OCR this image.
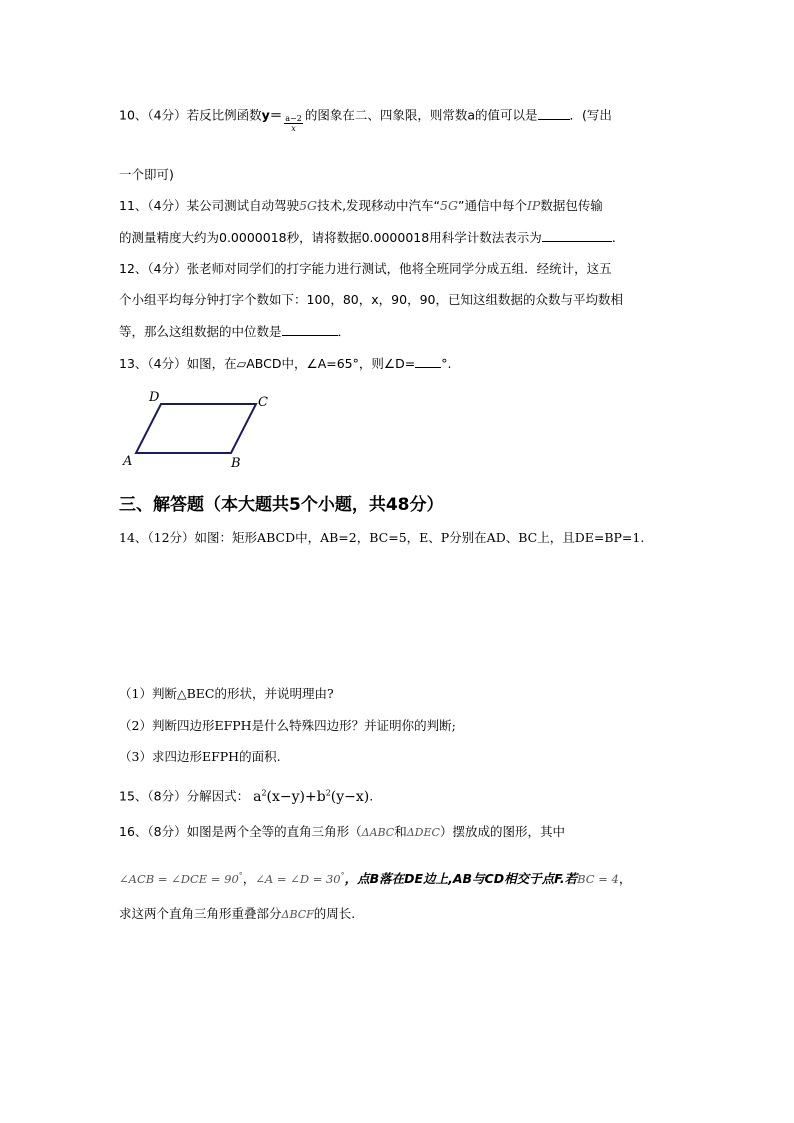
10、（4分）若反比例函数$y= \frac{a-2}{x}$ 的图象在二、四象限，则常数a的值可以是	．(写出
一个即可)
11、（4分）某公司测试自动驾驶5G技术,发现移动中汽车“5G”通信中每个IP数据包传输
的测量精度大约为0.0000018秒，请将数据0.0000018用科学计数法表示为	.
12、（4分）张老师对同学们的打字能力进行测试，他将全班同学分成五组．经统计，这五
个小组平均每分钟打字个数如下：100，80，x，90，90，已知这组数据的众数与平均数相
等，那么这组数据的中位数是	．
13、（4分）如图，在▱ABCD中，∠A=65°，则∠D= °.
D	C
A	B
三、解答题（本大题共5个小题，共48分）
14、（12分）如图：矩形ABCD中，AB=2，BC=5，E、P分别在AD、BC上，且DE=BP=1.
（1）判断△BEC的形状，并说明理由?
（2）判断四边形EFPH是什么特殊四边形？并证明你的判断;
（3）求四边形EFPH的面积.
15、（8分）分解因式： $a^2(x-y)+b^2(y-x)$.
16、（8分）如图是两个全等的直角三角形（ΔABC和ΔDEC）摆放成的图形，其中
∠ACB = ∠DCE = 90°，∠A = ∠D = 30°，点B落在DE边上,AB与CD相交于点F.若BC = 4，
求这两个直角三角形重叠部分ΔBCF的周长.
